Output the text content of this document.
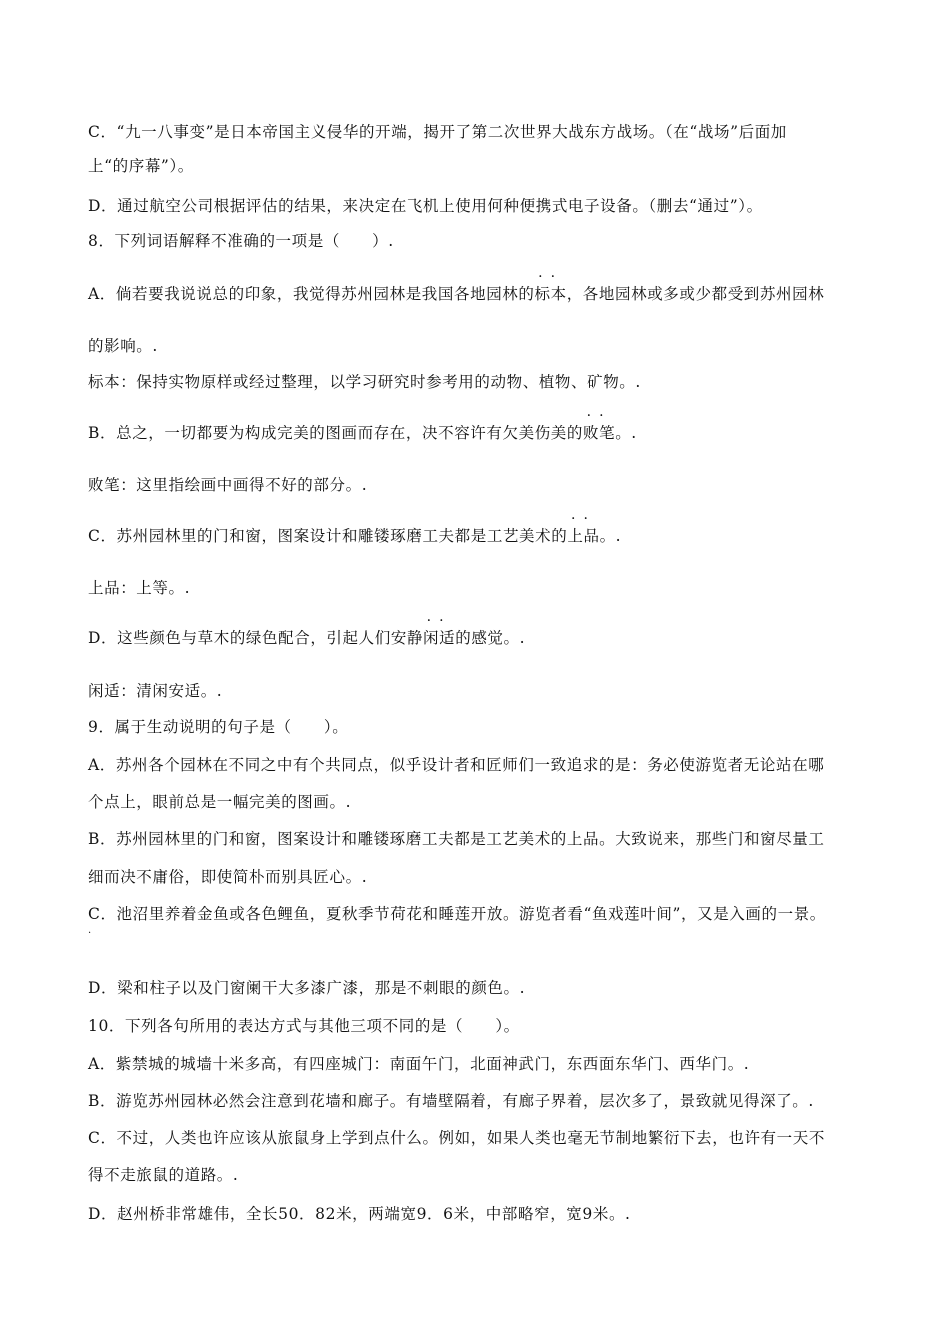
C．“九一八事变”是日本帝国主义侵华的开端，揭开了第二次世界大战东方战场。（在“战场”后面加
上“的序幕”）。
D．通过航空公司根据评估的结果，来决定在飞机上使用何种便携式电子设备。（删去“通过”）。
8．下列词语解释不准确的一项是（　　）.
A．倘若要我说说总的印象，我觉得苏州园林是我国各地园林的·· 标本，各地园林或多或少都受到苏州园林
的影响。.
标本：保持实物原样或经过整理，以学习研究时参考用的动物、植物、矿物。.
B．总之，一切都要为构成完美的图画而存在，决不容许有欠美伤美的·· 败笔。.
败笔：这里指绘画中画得不好的部分。.
C．苏州园林里的门和窗，图案设计和雕镂琢磨工夫都是工艺美术的·· 上品。.
上品：上等。.
D．这些颜色与草木的绿色配合，引起人们安静·· 闲适的感觉。.
闲适：清闲安适。.
9．属于生动说明的句子是（　　）。
A．苏州各个园林在不同之中有个共同点，似乎设计者和匠师们一致追求的是：务必使游览者无论站在哪
个点上，眼前总是一幅完美的图画。.
B．苏州园林里的门和窗，图案设计和雕镂琢磨工夫都是工艺美术的上品。大致说来，那些门和窗尽量工
细而决不庸俗，即使简朴而别具匠心。.
C．池沼里养着金鱼或各色鲤鱼，夏秋季节荷花和睡莲开放。游览者看“鱼戏莲叶间”，又是入画的一景。
.
D．梁和柱子以及门窗阑干大多漆广漆，那是不刺眼的颜色。.
10．下列各句所用的表达方式与其他三项不同的是（　　）。
A．紫禁城的城墙十米多高，有四座城门：南面午门，北面神武门，东西面东华门、西华门。.
B．游览苏州园林必然会注意到花墙和廊子。有墙壁隔着，有廊子界着，层次多了，景致就见得深了。.
C．不过，人类也许应该从旅鼠身上学到点什么。例如，如果人类也毫无节制地繁衍下去，也许有一天不
得不走旅鼠的道路。.
D．赵州桥非常雄伟，全长50．82米，两端宽9．6米，中部略窄，宽9米。.
